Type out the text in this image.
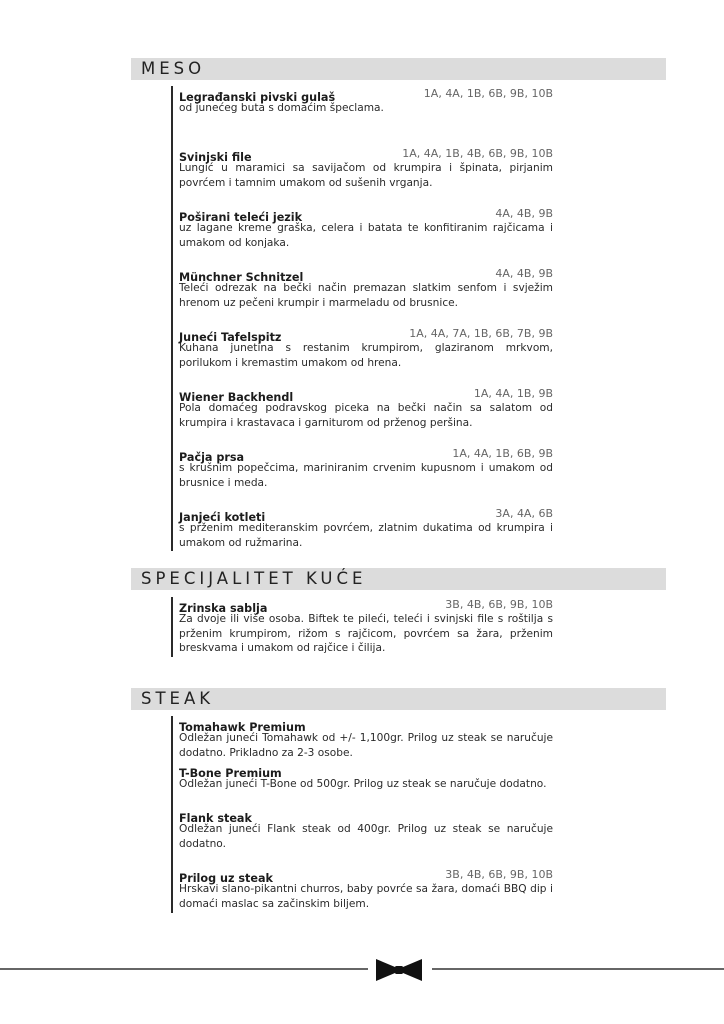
MESO
Legrađanski pivski gulaš	1A, 4A, 1B, 6B, 9B, 10B
od junećeg buta s domaćim špeclama.
Svinjski file	1A, 4A, 1B, 4B, 6B, 9B, 10B
Lungić u maramici sa savijačom od krumpira i špinata, pirjanim povrćem i tamnim umakom od sušenih vrganja.
Poširani teleći jezik	4A, 4B, 9B
uz lagane kreme graška, celera i batata te konfitiranim rajčicama i umakom od konjaka.
Münchner Schnitzel	4A, 4B, 9B
Teleći odrezak na bečki način premazan slatkim senfom i svježim hrenom uz pečeni krumpir i marmeladu od brusnice.
Juneći Tafelspitz	1A, 4A, 7A, 1B, 6B, 7B, 9B
Kuhana junetina s restanim krumpirom, glaziranom mrkvom, porilukom i kremastim umakom od hrena.
Wiener Backhendl	1A, 4A, 1B, 9B
Pola domaćeg podravskog piceka na bečki način sa salatom od krumpira i krastavaca i garniturom od prženog peršina.
Pačja prsa	1A, 4A, 1B, 6B, 9B
s krušnim popečcima, mariniranim crvenim kupusnom i umakom od brusnice i meda.
Janjeći kotleti	3A, 4A, 6B
s prženim mediteranskim povrćem, zlatnim dukatima od krumpira i umakom od ružmarina.
SPECIJALITET KUĆE
Zrinska sablja	3B, 4B, 6B, 9B, 10B
Za dvoje ili više osoba. Biftek te pileći, teleći i svinjski file s roštilja s prženim krumpirom, rižom s rajčicom, povrćem sa žara, prženim breskvama i umakom od rajčice i čilija.
STEAK
Tomahawk Premium
Odležan juneći Tomahawk od +/- 1,100gr. Prilog uz steak se naručuje dodatno. Prikladno za 2-3 osobe.
T-Bone Premium
Odležan juneći T-Bone od 500gr. Prilog uz steak se naručuje dodatno.
Flank steak
Odležan juneći Flank steak od 400gr. Prilog uz steak se naručuje dodatno.
Prilog uz steak	3B, 4B, 6B, 9B, 10B
Hrskavi slano-pikantni churros, baby povrće sa žara, domaći BBQ dip i domaći maslac sa začinskim biljem.
